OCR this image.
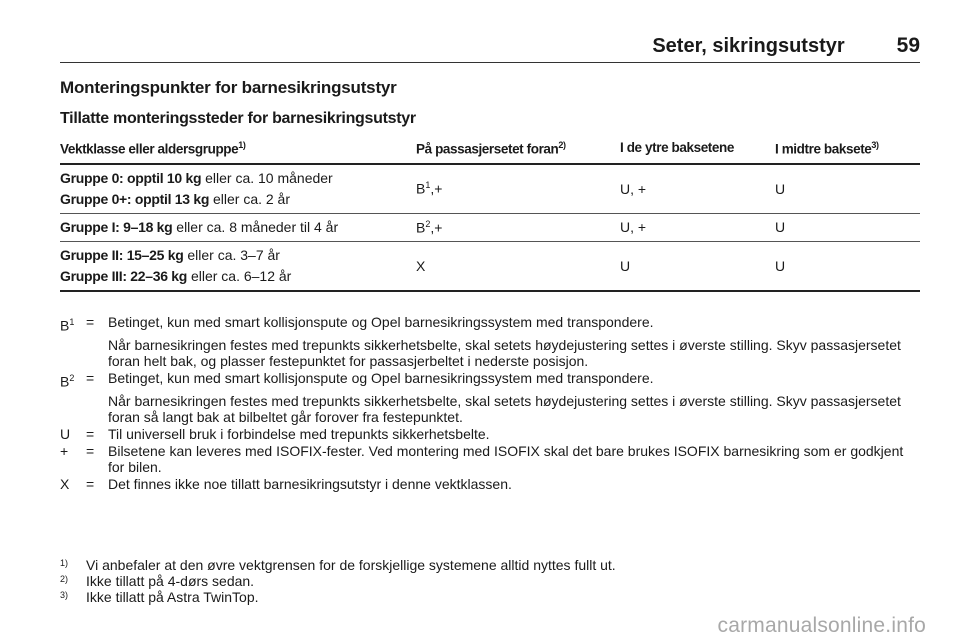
Seter, sikringsutstyr 59
Monteringspunkter for barnesikringsutstyr
Tillatte monteringssteder for barnesikringsutstyr
Vektklasse eller aldersgruppe$^{1)}$	På passasjersetet foran$^{2)}$	I de ytre baksetene	I midtre baksete$^{3)}$

Gruppe 0: opptil 10 kg eller ca. 10 måneder
Gruppe 0+: opptil 13 kg eller ca. 2 år	$B^1,+$	U, +	U

Gruppe I: 9–18 kg eller ca. 8 måneder til 4 år	$B^2,+$	U, +	U

Gruppe II: 15–25 kg eller ca. 3–7 år
Gruppe III: 22–36 kg eller ca. 6–12 år	X	U	U
$B^1$ = Betinget, kun med smart kollisjonspute og Opel barnesikringssystem med transpondere.

Når barnesikringen festes med trepunkts sikkerhetsbelte, skal setets høydejustering settes i øverste stilling. Skyv passasjersetet foran helt bak, og plasser festepunktet for passasjerbeltet i nederste posisjon.

$B^2$ = Betinget, kun med smart kollisjonspute og Opel barnesikringssystem med transpondere.

Når barnesikringen festes med trepunkts sikkerhetsbelte, skal setets høydejustering settes i øverste stilling. Skyv passasjersetet foran så langt bak at bilbeltet går forover fra festepunktet.

U	= Til universell bruk i forbindelse med trepunkts sikkerhetsbelte.

+	= Bilsetene kan leveres med ISOFIX-fester. Ved montering med ISOFIX skal det bare brukes ISOFIX barnesikring som er godkjent for bilen.

X	= Det finnes ikke noe tillatt barnesikringsutstyr i denne vektklassen.

1)	Vi anbefaler at den øvre vektgrensen for de forskjellige systemene alltid nyttes fullt ut.
2)	Ikke tillatt på 4-dørs sedan.
3)	Ikke tillatt på Astra TwinTop.
carmanualsonline.info
